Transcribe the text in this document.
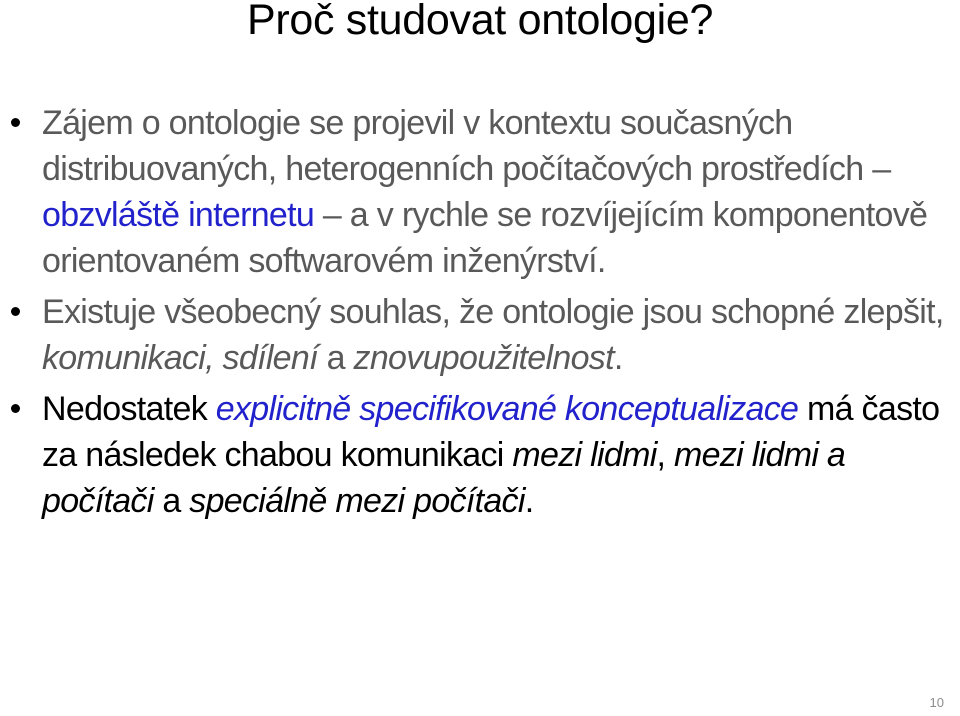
Proč studovat ontologie?
Zájem o ontologie se projevil v kontextu současných distribuovaných, heterogenních počítačových prostředích – obzvláště internetu – a v rychle se rozvíjejícím komponentově orientovaném softwarovém inženýrství.
Existuje všeobecný souhlas, že ontologie jsou schopné zlepšit, komunikaci, sdílení a znovupoužitelnost.
Nedostatek explicitně specifikované konceptualizace má často za následek chabou komunikaci mezi lidmi, mezi lidmi a počítači a speciálně mezi počítači.
10
